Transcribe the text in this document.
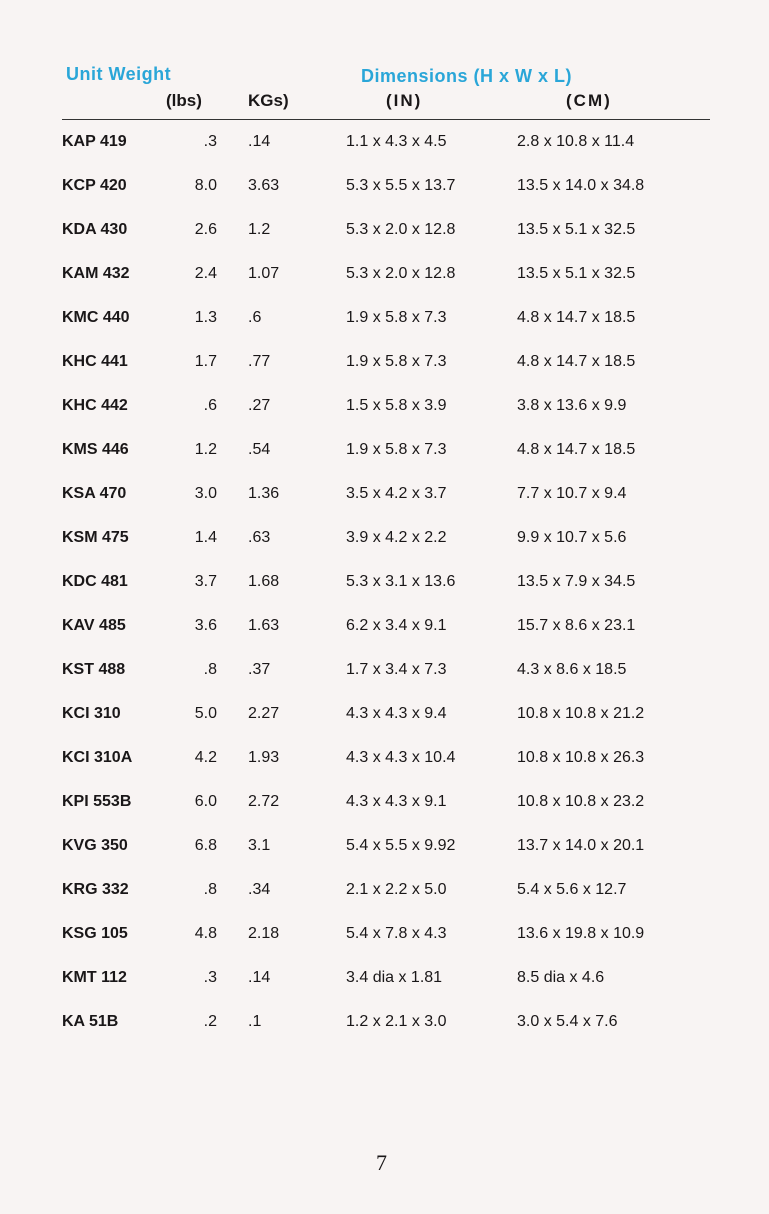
Unit Weight
(lbs)	KGs)
Dimensions (H x W x L)
(IN)	(CM)
KAP 419	.3 .14	1.1 x 4.3 x 4.5	2.8 x 10.8 x 11.4
KCP 420	8.0 3.63	5.3 x 5.5 x 13.7	13.5 x 14.0 x 34.8
KDA 430	2.6 1.2	5.3 x 2.0 x 12.8	13.5 x 5.1 x 32.5
KAM 432	2.4 1.07	5.3 x 2.0 x 12.8	13.5 x 5.1 x 32.5
KMC 440	1.3 .6	1.9 x 5.8 x 7.3	4.8 x 14.7 x 18.5
KHC 441	1.7 .77	1.9 x 5.8 x 7.3	4.8 x 14.7 x 18.5
KHC 442	.6 .27	1.5 x 5.8 x 3.9	3.8 x 13.6 x 9.9
KMS 446	1.2 .54	1.9 x 5.8 x 7.3	4.8 x 14.7 x 18.5
KSA 470	3.0 1.36	3.5 x 4.2 x 3.7	7.7 x 10.7 x 9.4
KSM 475	1.4 .63	3.9 x 4.2 x 2.2	9.9 x 10.7 x 5.6
KDC 481	3.7 1.68	5.3 x 3.1 x 13.6	13.5 x 7.9 x 34.5
KAV 485	3.6 1.63	6.2 x 3.4 x 9.1	15.7 x 8.6 x 23.1
KST 488	.8 .37	1.7 x 3.4 x 7.3	4.3 x 8.6 x 18.5
KCI 310	5.0 2.27	4.3 x 4.3 x 9.4	10.8 x 10.8 x 21.2
KCI 310A	4.2 1.93	4.3 x 4.3 x 10.4	10.8 x 10.8 x 26.3
KPI 553B	6.0 2.72	4.3 x 4.3 x 9.1	10.8 x 10.8 x 23.2
KVG 350	6.8 3.1	5.4 x 5.5 x 9.92	13.7 x 14.0 x 20.1
KRG 332	.8 .34	2.1 x 2.2 x 5.0	5.4 x 5.6 x 12.7
KSG 105	4.8 2.18	5.4 x 7.8 x 4.3	13.6 x 19.8 x 10.9
KMT 112	.3 .14	3.4 dia x 1.81	8.5 dia x 4.6
KA 51B	.2 .1	1.2 x 2.1 x 3.0	3.0 x 5.4 x 7.6
7
